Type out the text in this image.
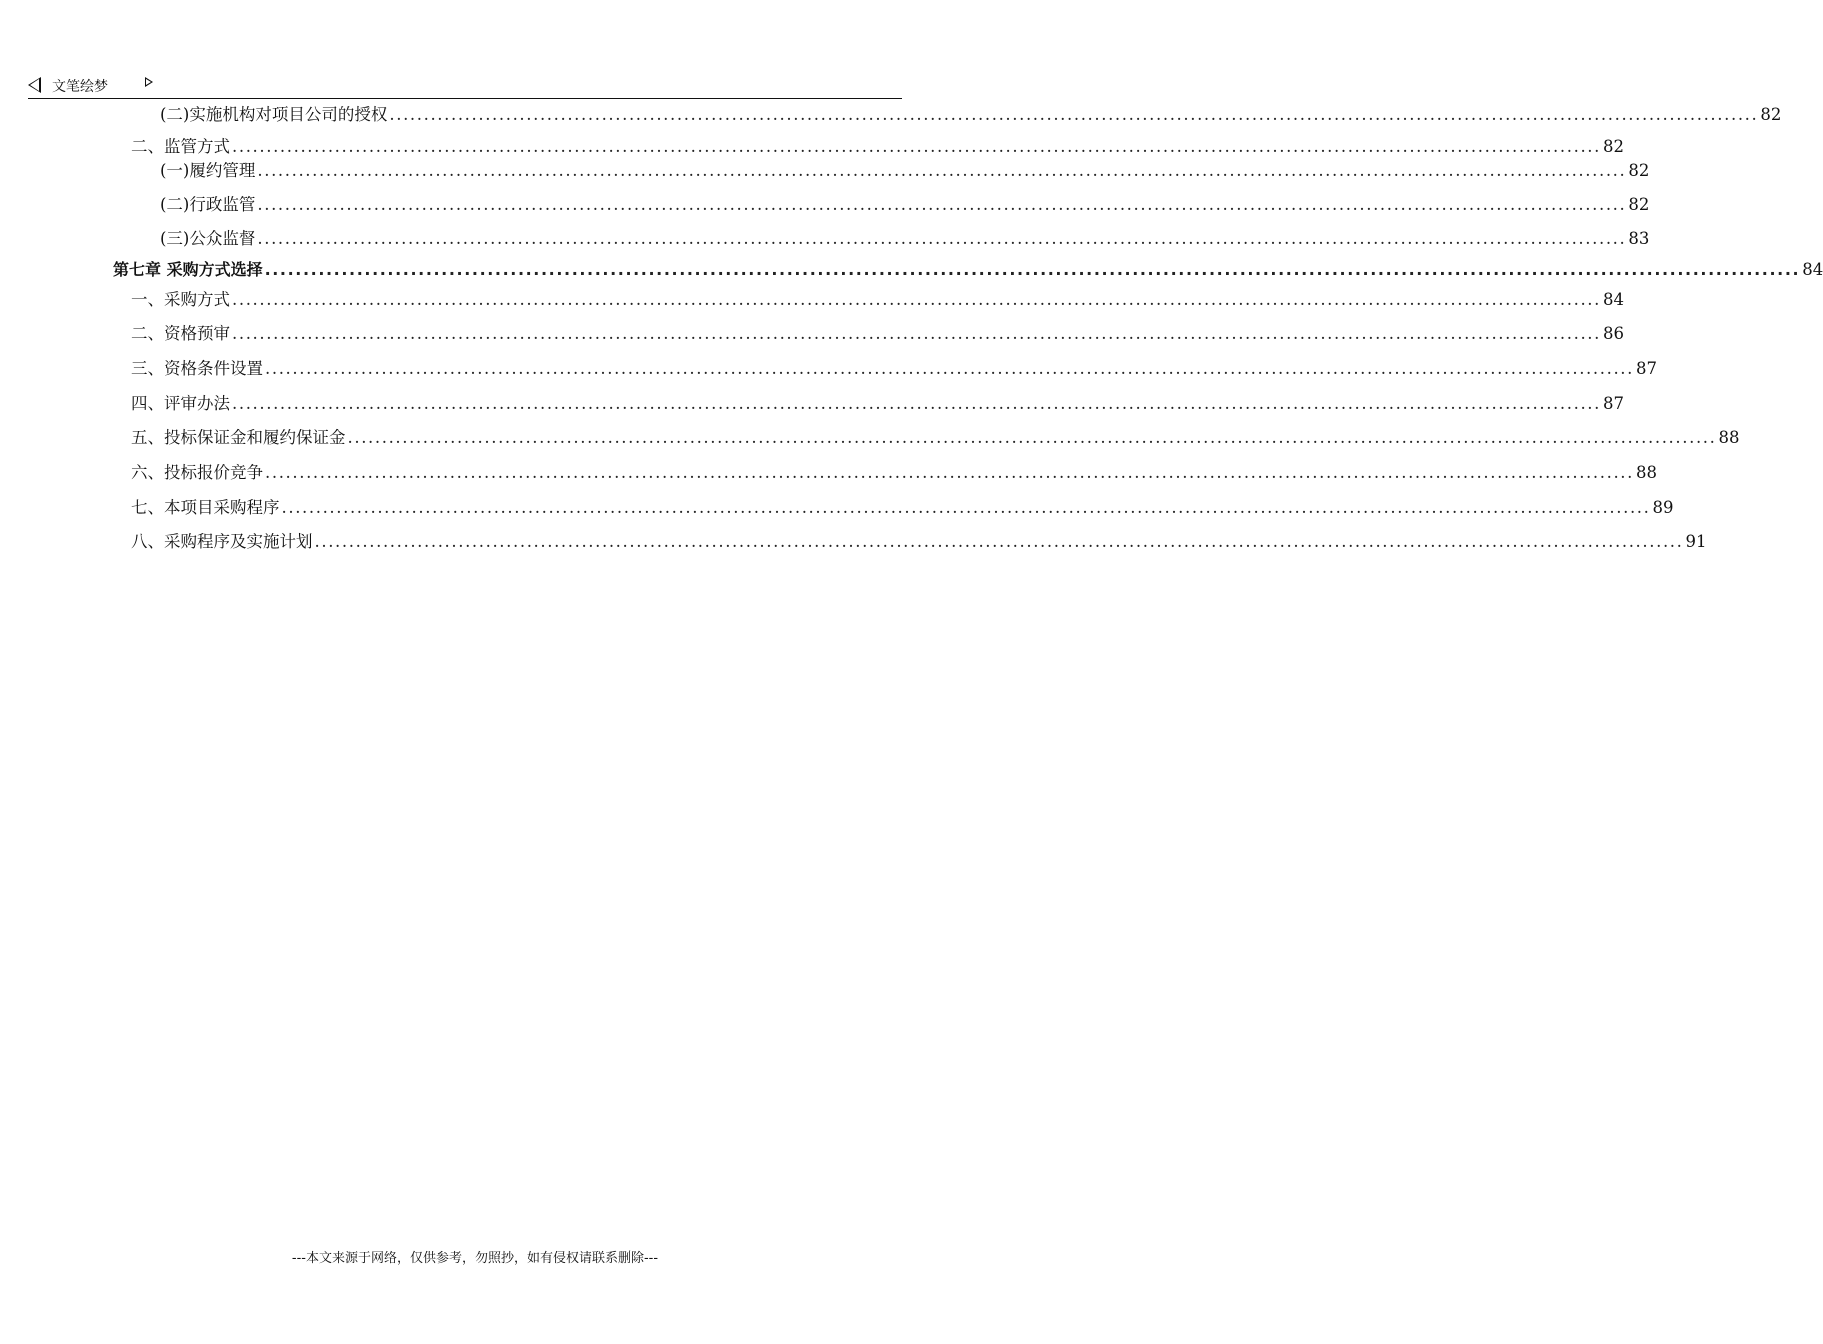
文笔绘梦
(二)实施机构对项目公司的授权 ........................................................................................................................................................................................................ 82
二、监管方式 ........................................................................................................................................................................................................ 82
(一)履约管理 ........................................................................................................................................................................................................ 82
(二)行政监管 ........................................................................................................................................................................................................ 82
(三)公众监督 ........................................................................................................................................................................................................ 83
第七章 采购方式选择 ........................................................................................................................................................................................................ 84
一、采购方式 ........................................................................................................................................................................................................ 84
二、资格预审 ........................................................................................................................................................................................................ 86
三、资格条件设置 ........................................................................................................................................................................................................ 87
四、评审办法 ........................................................................................................................................................................................................ 87
五、投标保证金和履约保证金 ........................................................................................................................................................................................................ 88
六、投标报价竞争 ........................................................................................................................................................................................................ 88
七、本项目采购程序 ........................................................................................................................................................................................................ 89
八、采购程序及实施计划 ........................................................................................................................................................................................................ 91
---本文来源于网络，仅供参考，勿照抄，如有侵权请联系删除---
